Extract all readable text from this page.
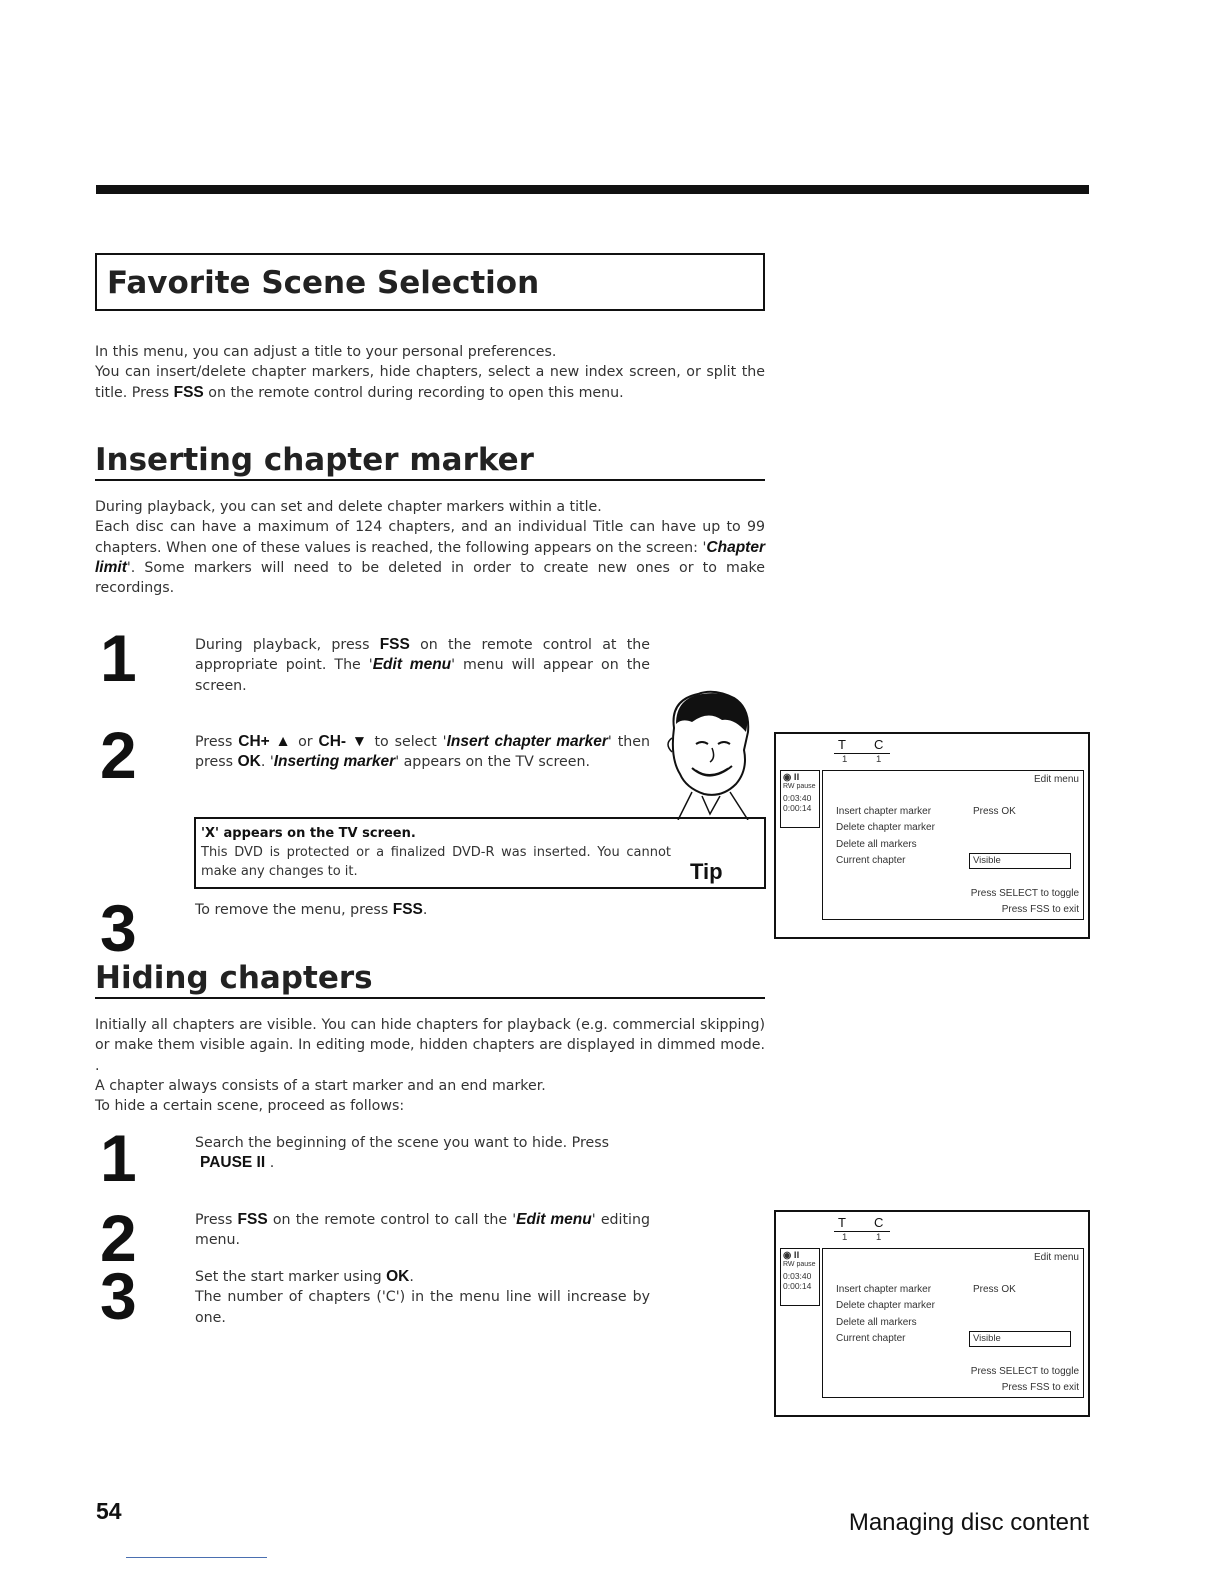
Favorite Scene Selection
In this menu, you can adjust a title to your personal preferences.
You can insert/delete chapter markers, hide chapters, select a new index screen, or split the title. Press FSS on the remote control during recording to open this menu.
Inserting chapter marker
During playback, you can set and delete chapter markers within a title.
Each disc can have a maximum of 124 chapters, and an individual Title can have up to 99 chapters. When one of these values is reached, the following appears on the screen: 'Chapter limit'. Some markers will need to be deleted in order to create new ones or to make recordings.
1	During playback, press FSS on the remote control at the appropriate point. The 'Edit menu' menu will appear on the screen.
2	Press CH+ ▲ or CH- ▼ to select 'Insert chapter marker' then press OK. 'Inserting marker' appears on the TV screen.
'X' appears on the TV screen.
This DVD is protected or a finalized DVD-R was inserted. You cannot make any changes to it.	Tip
3	To remove the menu, press FSS.
Hiding chapters
Initially all chapters are visible. You can hide chapters for playback (e.g. commercial skipping) or make them visible again. In editing mode, hidden chapters are displayed in dimmed mode. .
A chapter always consists of a start marker and an end marker.
To hide a certain scene, proceed as follows:
1	Search the beginning of the scene you want to hide. Press
PAUSE II .
2	Press FSS on the remote control to call the 'Edit menu' editing menu.
3	Set the start marker using OK.
The number of chapters ('C') in the menu line will increase by one.
T C
1	1
◉ II
RW pause
0:03:40
0:00:14
Edit menu
Insert chapter marker
Delete chapter marker
Delete all markers
Current chapter
Press OK
Visible
Press SELECT to toggle
Press FSS to exit
T C
1	1
◉ II
RW pause
0:03:40
0:00:14
Edit menu
Insert chapter marker
Delete chapter marker
Delete all markers
Current chapter
Press OK
Visible
Press SELECT to toggle
Press FSS to exit
54	Managing disc content
